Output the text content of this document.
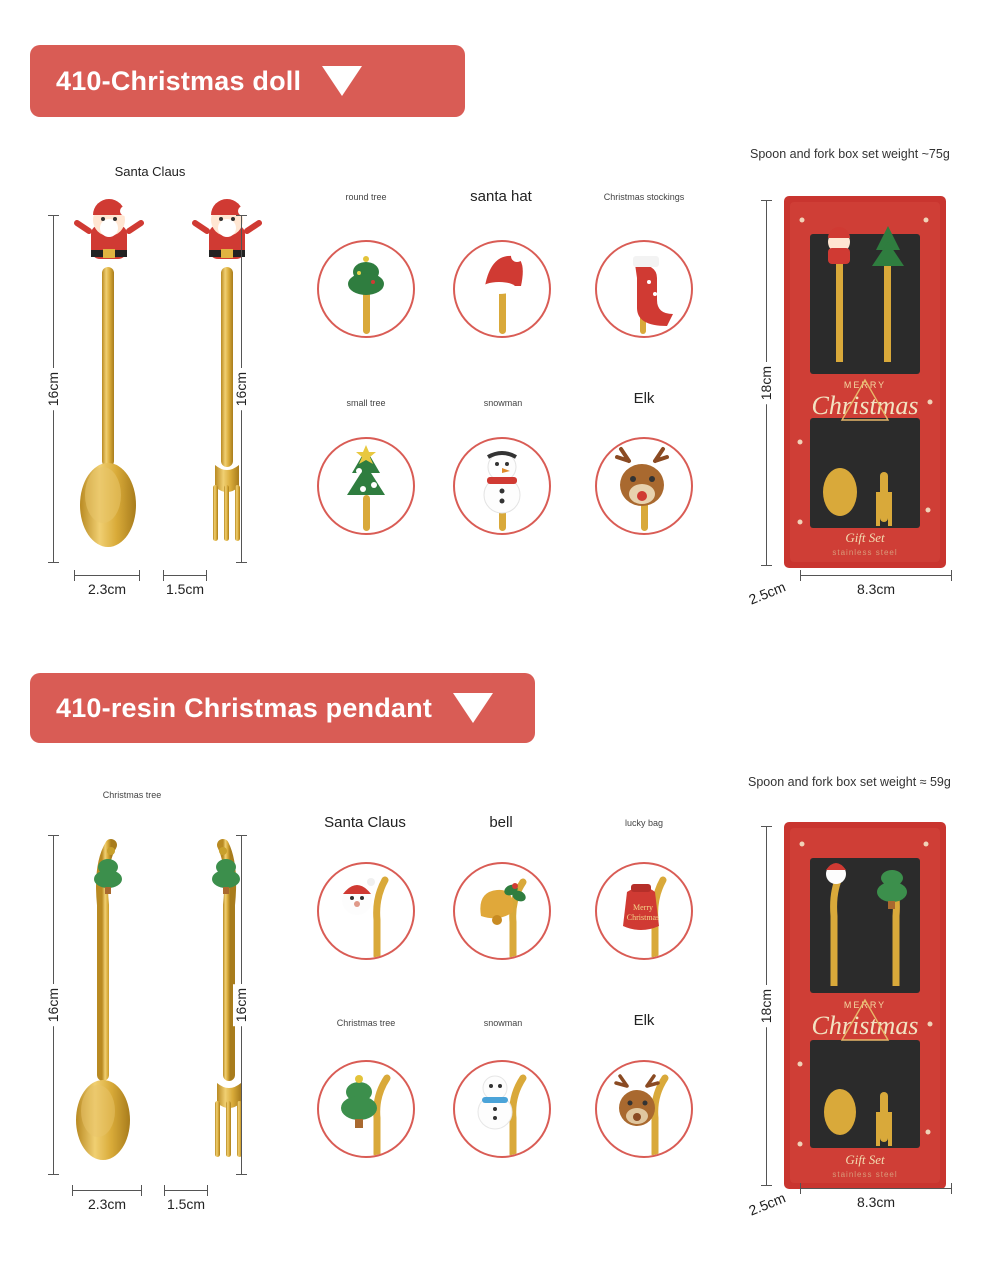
410-Christmas doll
Santa Claus
16cm	16cm
2.3cm	1.5cm
round tree	santa hat	Christmas stockings
small tree	snowman	Elk
Spoon and fork box set weight ~75g
MERRY
Christmas
Gift Set
stainless steel
18cm
2.5cm	8.3cm
410-resin Christmas pendant
Christmas tree
16cm	16cm
2.3cm	1.5cm
Santa Claus	bell	lucky bag
Merry
Christmas
Christmas tree	snowman	Elk
Spoon and fork box set weight ≈ 59g
MERRY
Christmas
Gift Set
stainless steel
18cm
2.5cm	8.3cm
